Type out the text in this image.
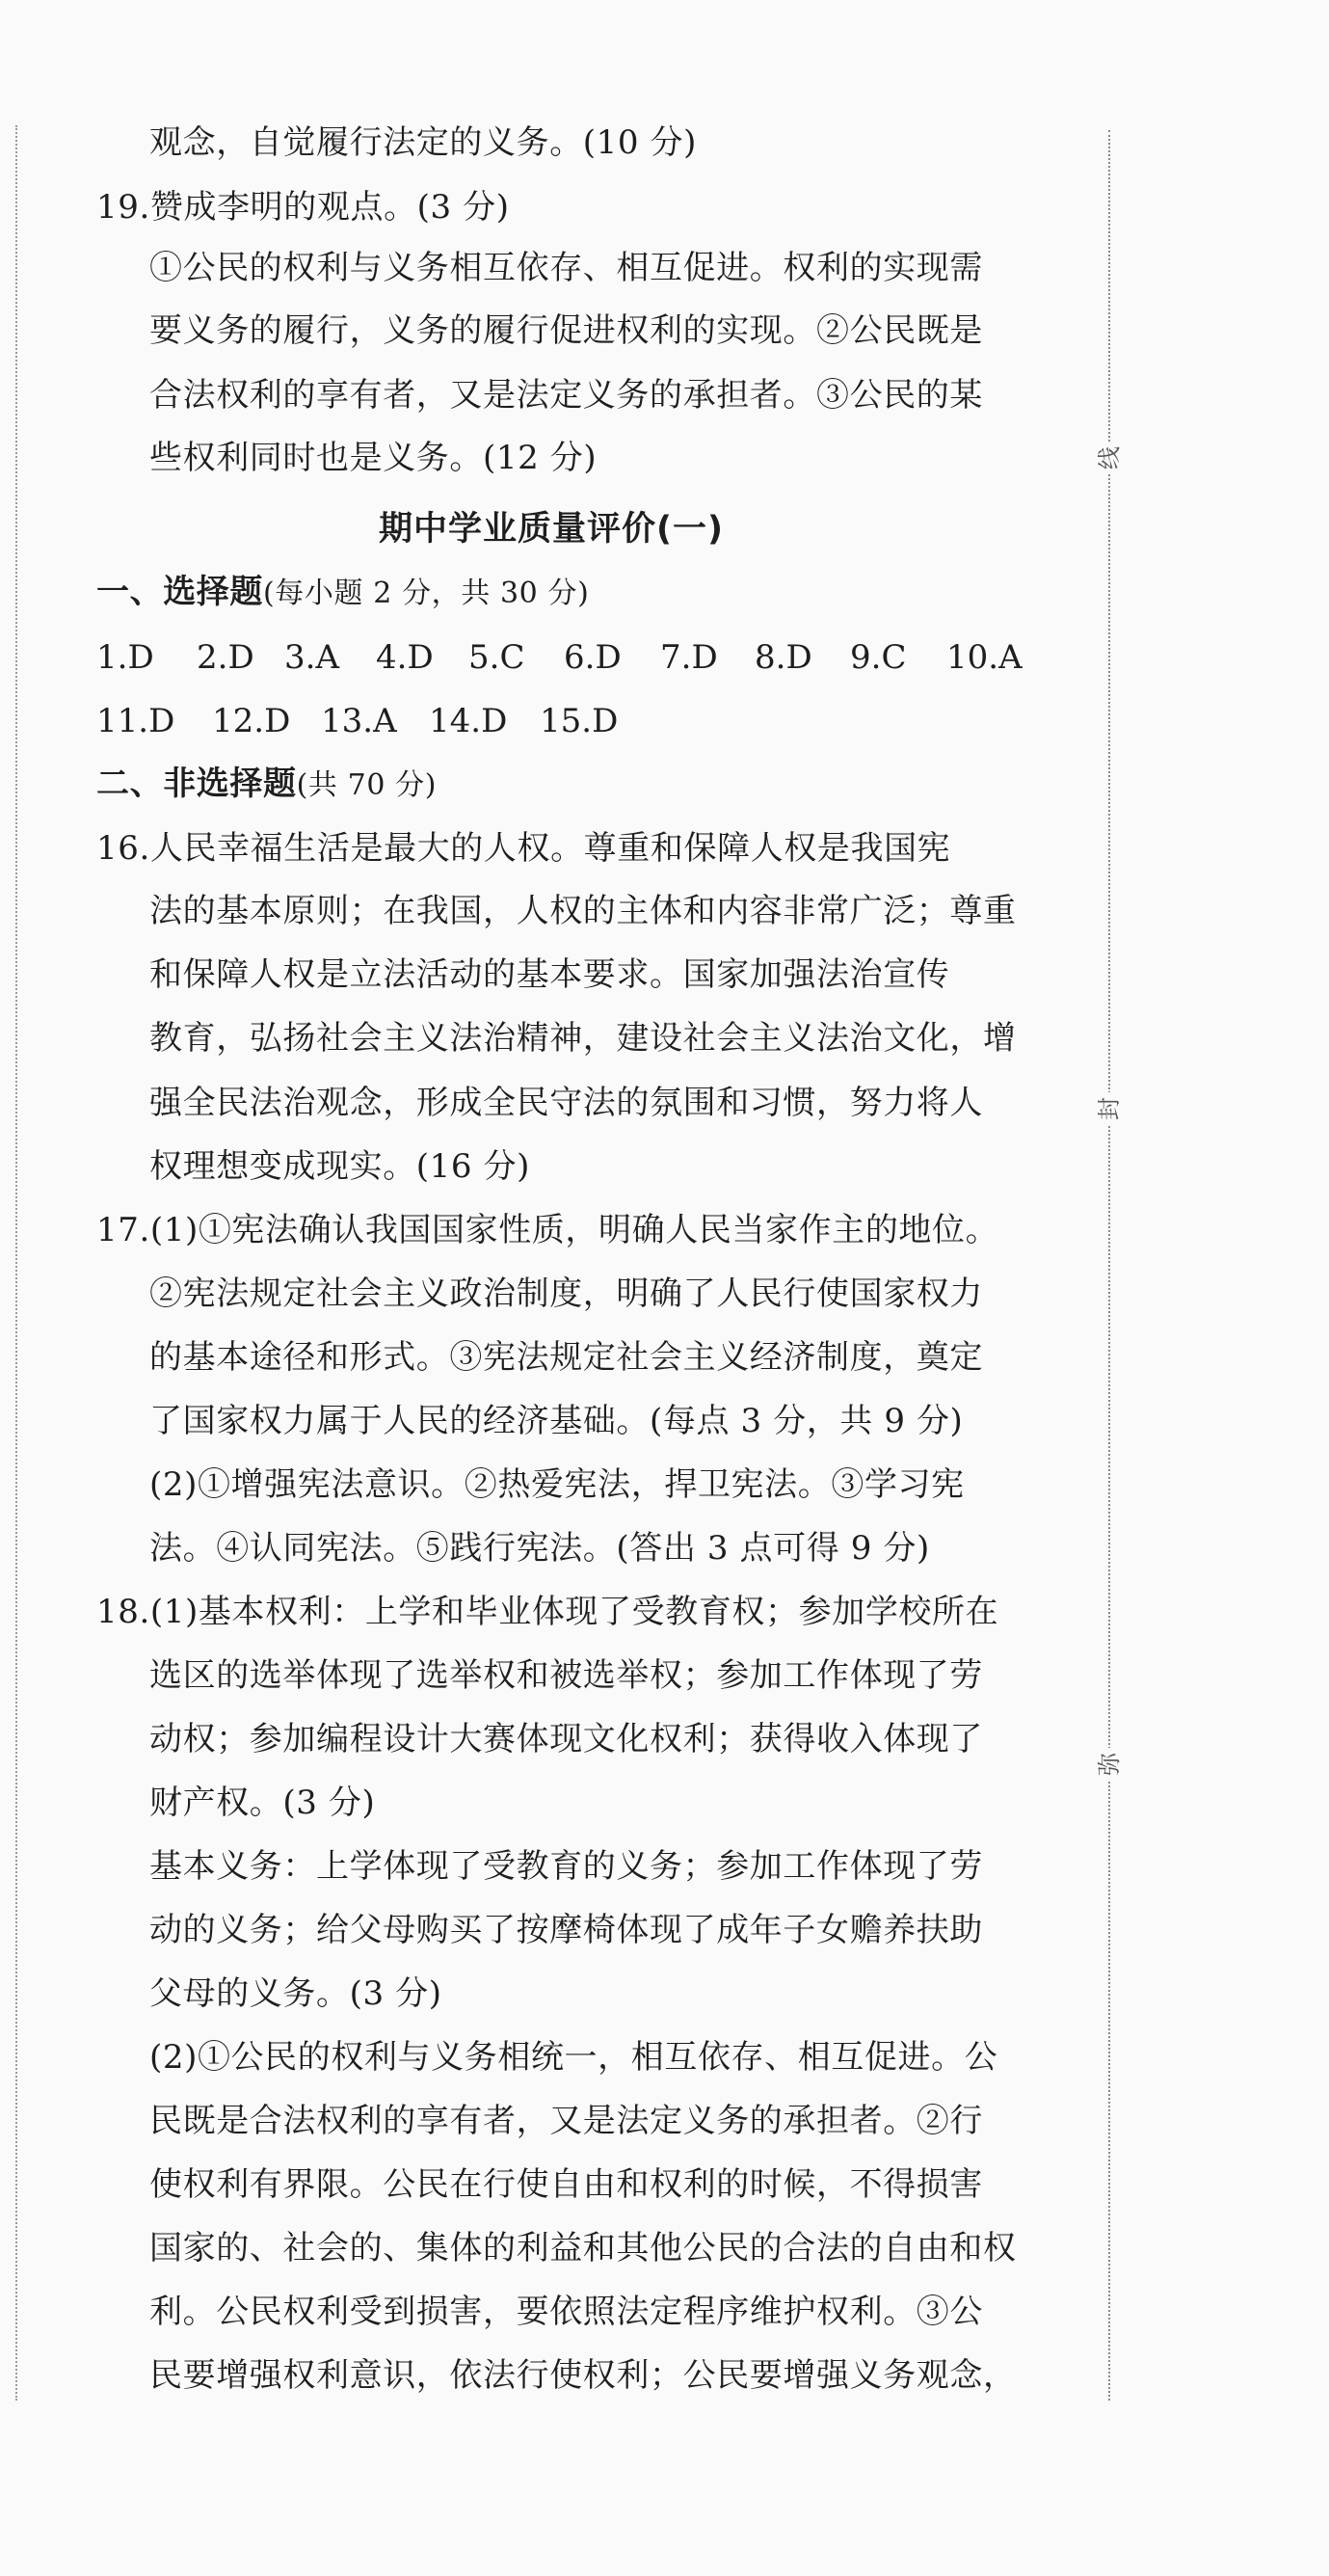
线
封
弥
观念，自觉履行法定的义务。(10 分)
19.赞成李明的观点。(3 分)
①公民的权利与义务相互依存、相互促进。权利的实现需
要义务的履行，义务的履行促进权利的实现。②公民既是
合法权利的享有者，又是法定义务的承担者。③公民的某
些权利同时也是义务。(12 分)
期中学业质量评价(一)
一、选择题(每小题 2 分，共 30 分)
1.D 2.D 3.A 4.D 5.C 6.D 7.D 8.D 9.C 10.A
11.D 12.D 13.A 14.D 15.D
二、非选择题(共 70 分)
16.人民幸福生活是最大的人权。尊重和保障人权是我国宪
法的基本原则；在我国，人权的主体和内容非常广泛；尊重
和保障人权是立法活动的基本要求。国家加强法治宣传
教育，弘扬社会主义法治精神，建设社会主义法治文化，增
强全民法治观念，形成全民守法的氛围和习惯，努力将人
权理想变成现实。(16 分)
17.(1)①宪法确认我国国家性质，明确人民当家作主的地位。
②宪法规定社会主义政治制度，明确了人民行使国家权力
的基本途径和形式。③宪法规定社会主义经济制度，奠定
了国家权力属于人民的经济基础。(每点 3 分，共 9 分)
(2)①增强宪法意识。②热爱宪法，捍卫宪法。③学习宪
法。④认同宪法。⑤践行宪法。(答出 3 点可得 9 分)
18.(1)基本权利：上学和毕业体现了受教育权；参加学校所在
选区的选举体现了选举权和被选举权；参加工作体现了劳
动权；参加编程设计大赛体现文化权利；获得收入体现了
财产权。(3 分)
基本义务：上学体现了受教育的义务；参加工作体现了劳
动的义务；给父母购买了按摩椅体现了成年子女赡养扶助
父母的义务。(3 分)
(2)①公民的权利与义务相统一，相互依存、相互促进。公
民既是合法权利的享有者，又是法定义务的承担者。②行
使权利有界限。公民在行使自由和权利的时候，不得损害
国家的、社会的、集体的利益和其他公民的合法的自由和权
利。公民权利受到损害，要依照法定程序维护权利。③公
民要增强权利意识，依法行使权利；公民要增强义务观念，
